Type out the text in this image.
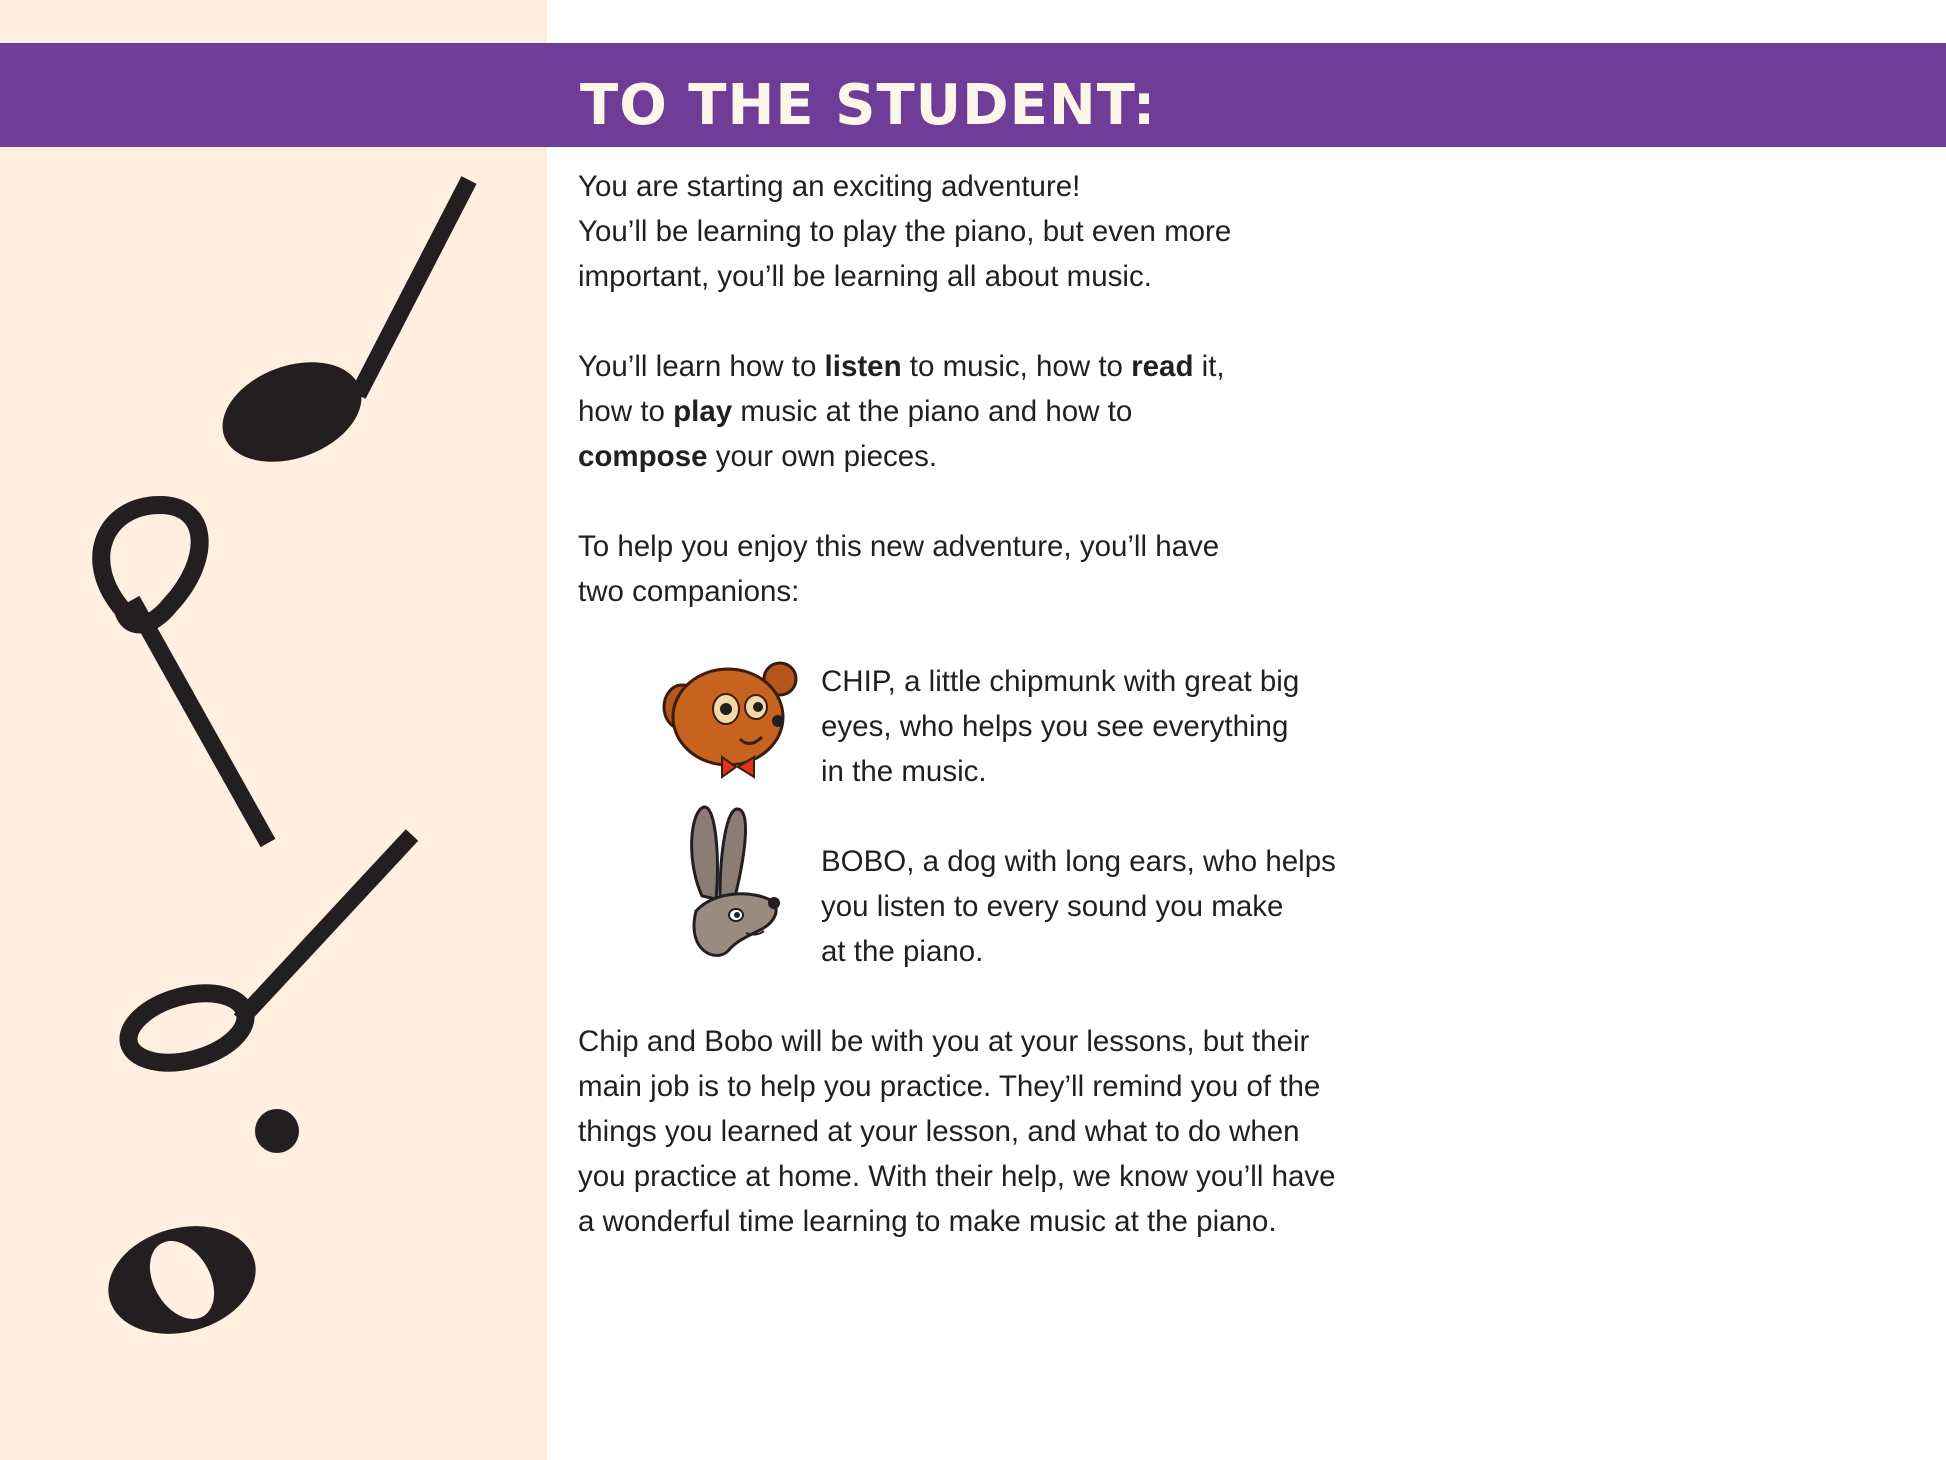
TO THE STUDENT:

You are starting an exciting adventure!
You’ll be learning to play the piano, but even more
important, you’ll be learning all about music.

You’ll learn how to listen to music, how to read it,
how to play music at the piano and how to
compose your own pieces.

To help you enjoy this new adventure, you’ll have
two companions:

CHIP, a little chipmunk with great big
eyes, who helps you see everything
in the music.
BOBO, a dog with long ears, who helps
you listen to every sound you make
at the piano.

Chip and Bobo will be with you at your lessons, but their
main job is to help you practice. They’ll remind you of the
things you learned at your lesson, and what to do when
you practice at home. With their help, we know you’ll have
a wonderful time learning to make music at the piano.
